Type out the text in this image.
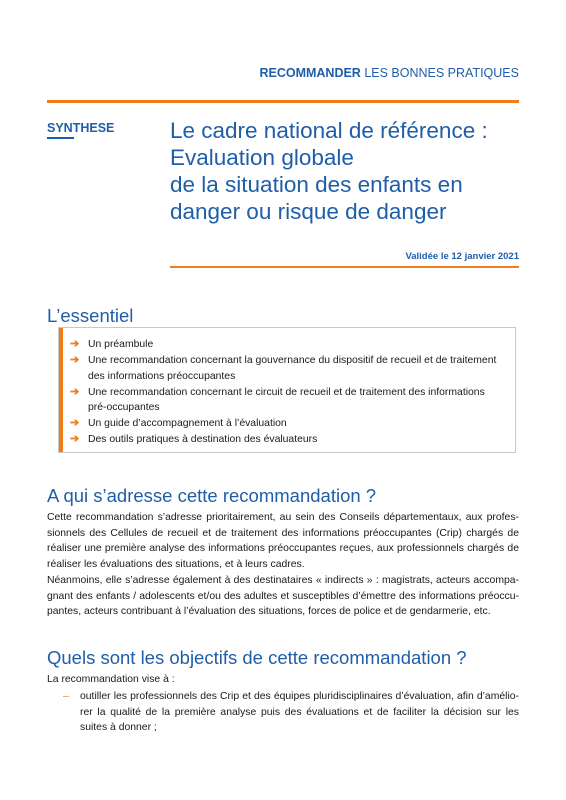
RECOMMANDER LES BONNES PRATIQUES
SYNTHESE Le cadre national de référence :
Evaluation globale
de la situation des enfants en
danger ou risque de danger
Validée le 12 janvier 2021
L’essentiel
➔ Un préambule
➔ Une recommandation concernant la gouvernance du dispositif de recueil et de traitement des informations préoccupantes
➔ Une recommandation concernant le circuit de recueil et de traitement des informations pré-occupantes
➔ Un guide d’accompagnement à l’évaluation
➔ Des outils pratiques à destination des évaluateurs
A qui s’adresse cette recommandation ?

Cette recommandation s’adresse prioritairement, au sein des Conseils départementaux, aux profes-sionnels des Cellules de recueil et de traitement des informations préoccupantes (Crip) chargés de réaliser une première analyse des informations préoccupantes reçues, aux professionnels chargés de réaliser les évaluations des situations, et à leurs cadres.

Néanmoins, elle s’adresse également à des destinataires « indirects » : magistrats, acteurs accompa-gnant des enfants / adolescents et/ou des adultes et susceptibles d’émettre des informations préoccu-pantes, acteurs contribuant à l’évaluation des situations, forces de police et de gendarmerie, etc.

Quels sont les objectifs de cette recommandation ?

La recommandation vise à :

– outiller les professionnels des Crip et des équipes pluridisciplinaires d’évaluation, afin d’amélio-rer la qualité de la première analyse puis des évaluations et de faciliter la décision sur les suites à donner ;
